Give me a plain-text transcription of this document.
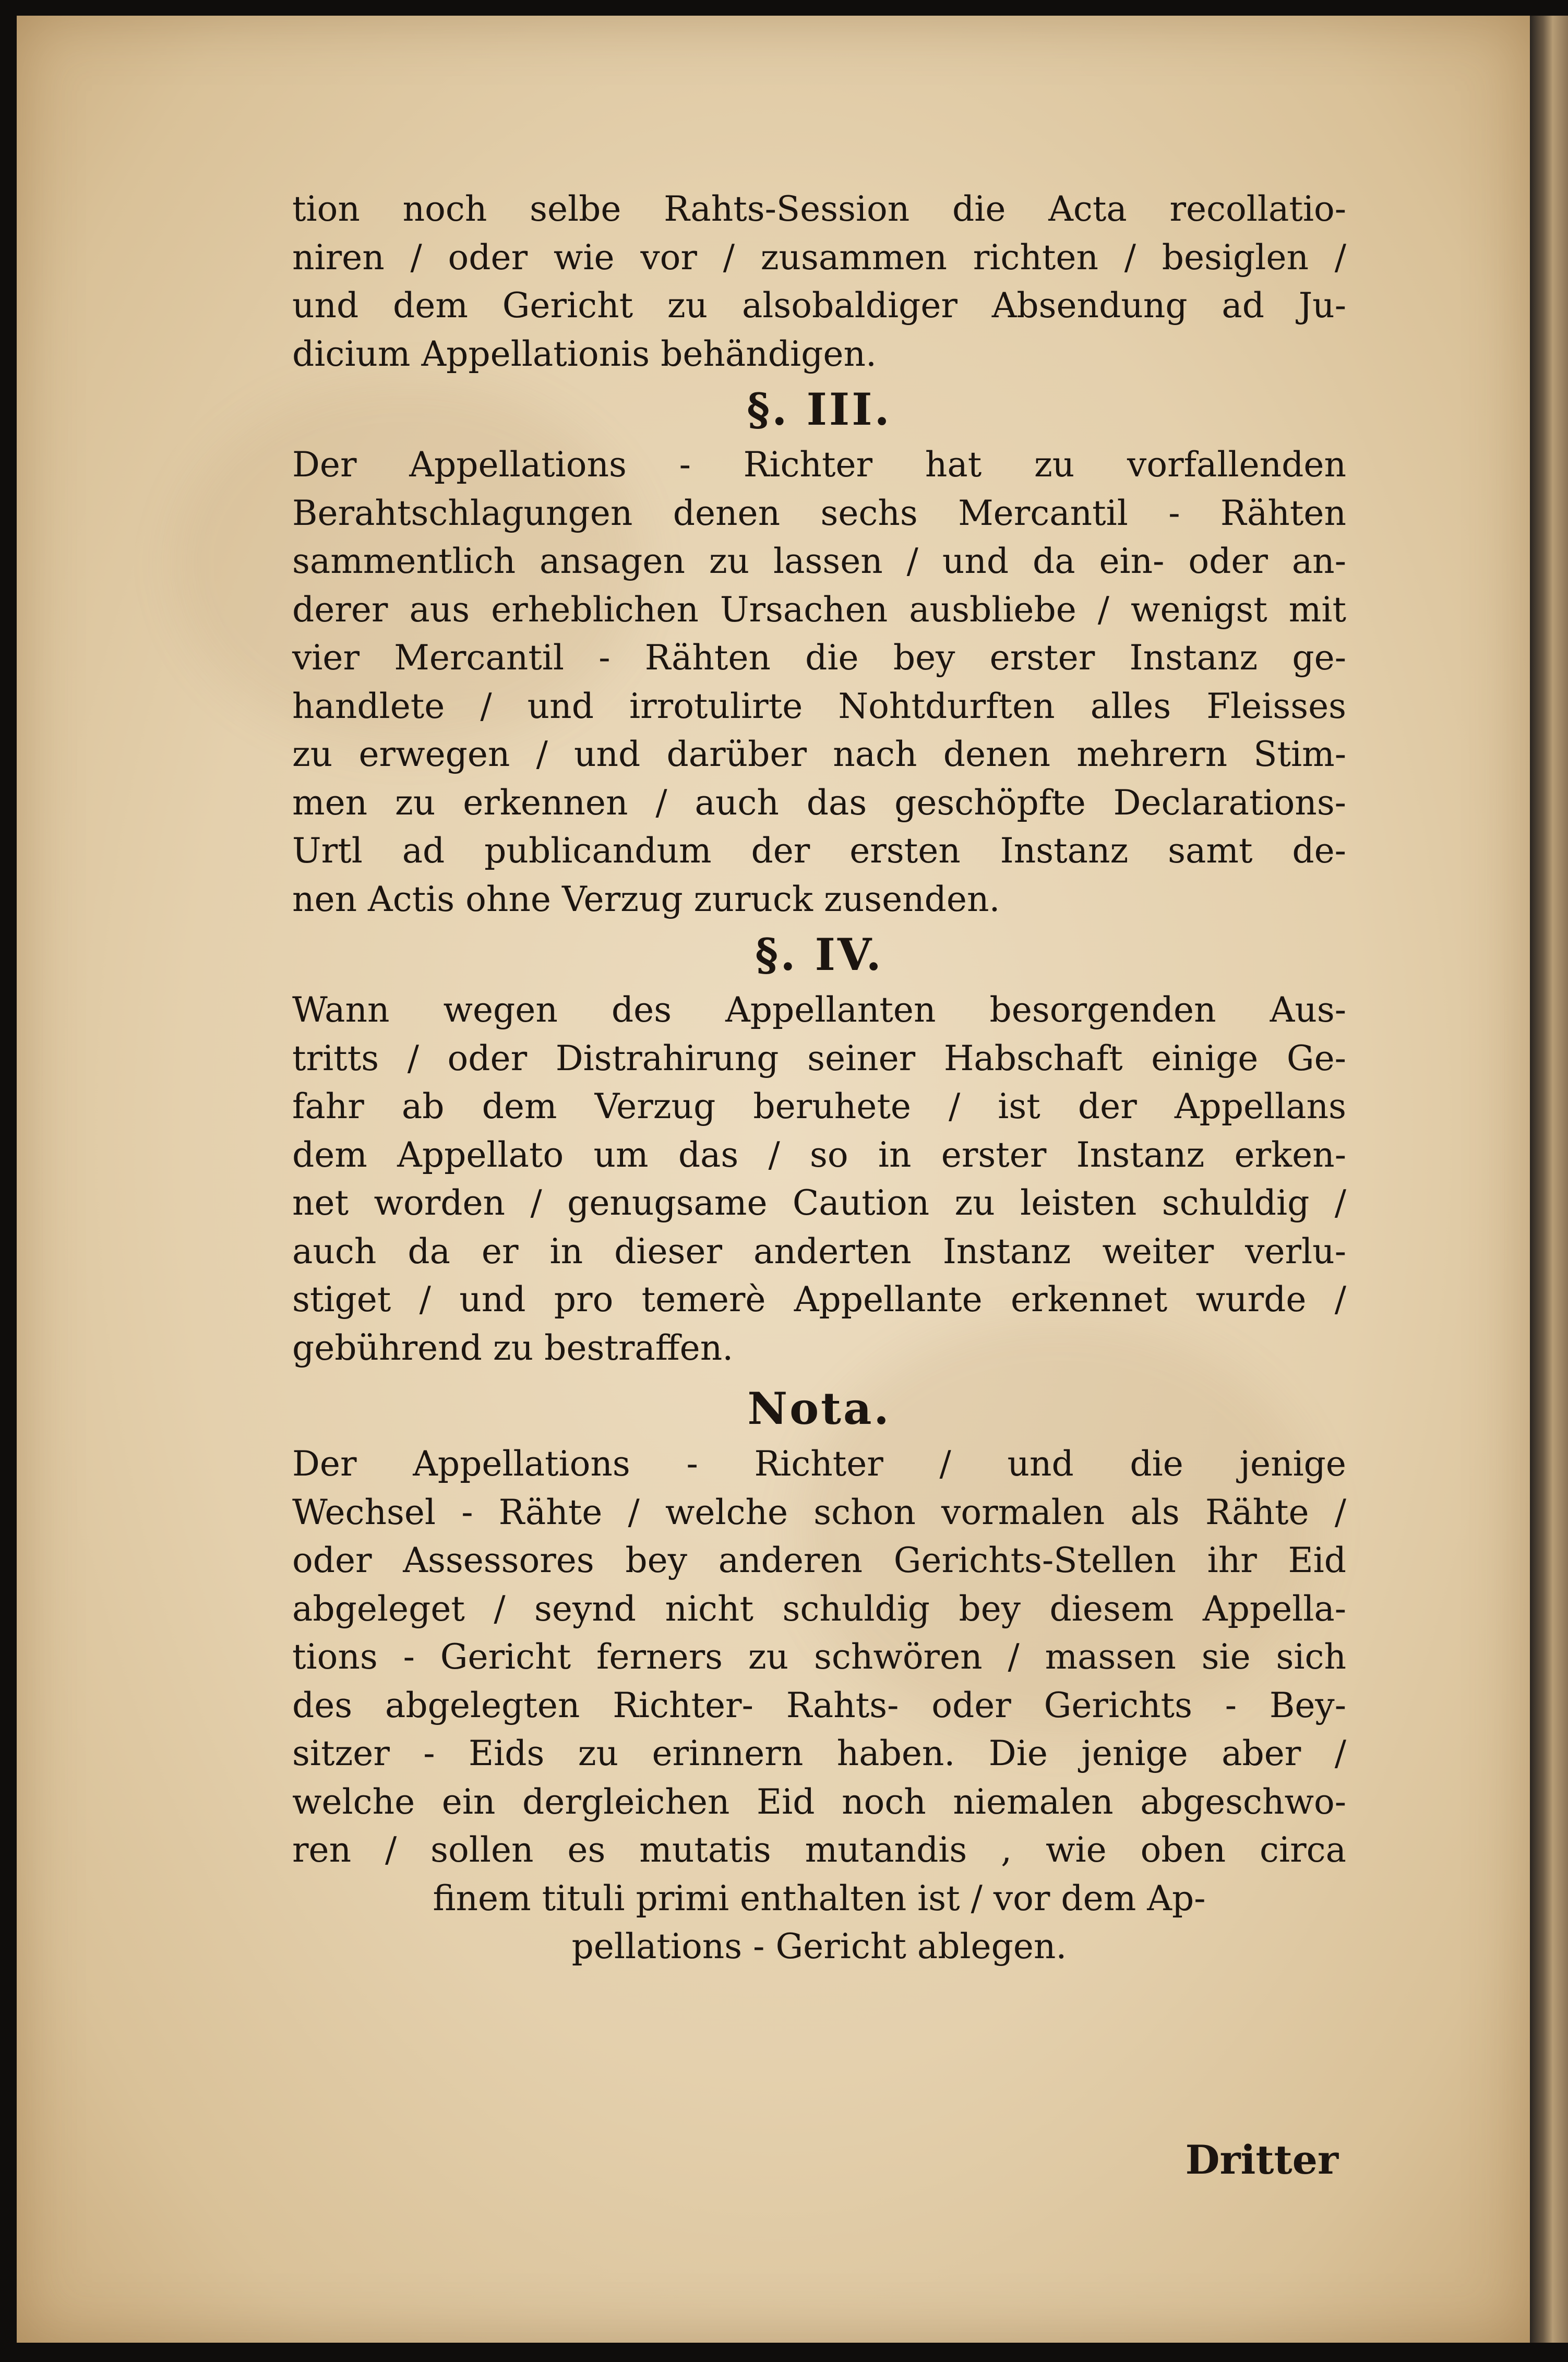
tion noch selbe Rahts-Session die Acta recollatio-
niren / oder wie vor / zusammen richten / besiglen /
und dem Gericht zu alsobaldiger Absendung ad Ju-
dicium Appellationis behändigen.
§. III.
Der Appellations - Richter hat zu vorfallenden
Berahtschlagungen denen sechs Mercantil - Rähten
sammentlich ansagen zu lassen / und da ein- oder an-
derer aus erheblichen Ursachen ausbliebe / wenigst mit
vier Mercantil - Rähten die bey erster Instanz ge-
handlete / und irrotulirte Nohtdurften alles Fleisses
zu erwegen / und darüber nach denen mehrern Stim-
men zu erkennen / auch das geschöpfte Declarations-
Urtl ad publicandum der ersten Instanz samt de-
nen Actis ohne Verzug zuruck zusenden.
§. IV.
Wann wegen des Appellanten besorgenden Aus-
tritts / oder Distrahirung seiner Habschaft einige Ge-
fahr ab dem Verzug beruhete / ist der Appellans
dem Appellato um das / so in erster Instanz erken-
net worden / genugsame Caution zu leisten schuldig /
auch da er in dieser anderten Instanz weiter verlu-
stiget / und pro temerè Appellante erkennet wurde /
gebührend zu bestraffen.
Nota.
Der Appellations - Richter / und die jenige
Wechsel - Rähte / welche schon vormalen als Rähte /
oder Assessores bey anderen Gerichts-Stellen ihr Eid
abgeleget / seynd nicht schuldig bey diesem Appella-
tions - Gericht ferners zu schwören / massen sie sich
des abgelegten Richter- Rahts- oder Gerichts - Bey-
sitzer - Eids zu erinnern haben. Die jenige aber /
welche ein dergleichen Eid noch niemalen abgeschwo-
ren / sollen es mutatis mutandis , wie oben circa
finem tituli primi enthalten ist / vor dem Ap-
pellations - Gericht ablegen.
Dritter
